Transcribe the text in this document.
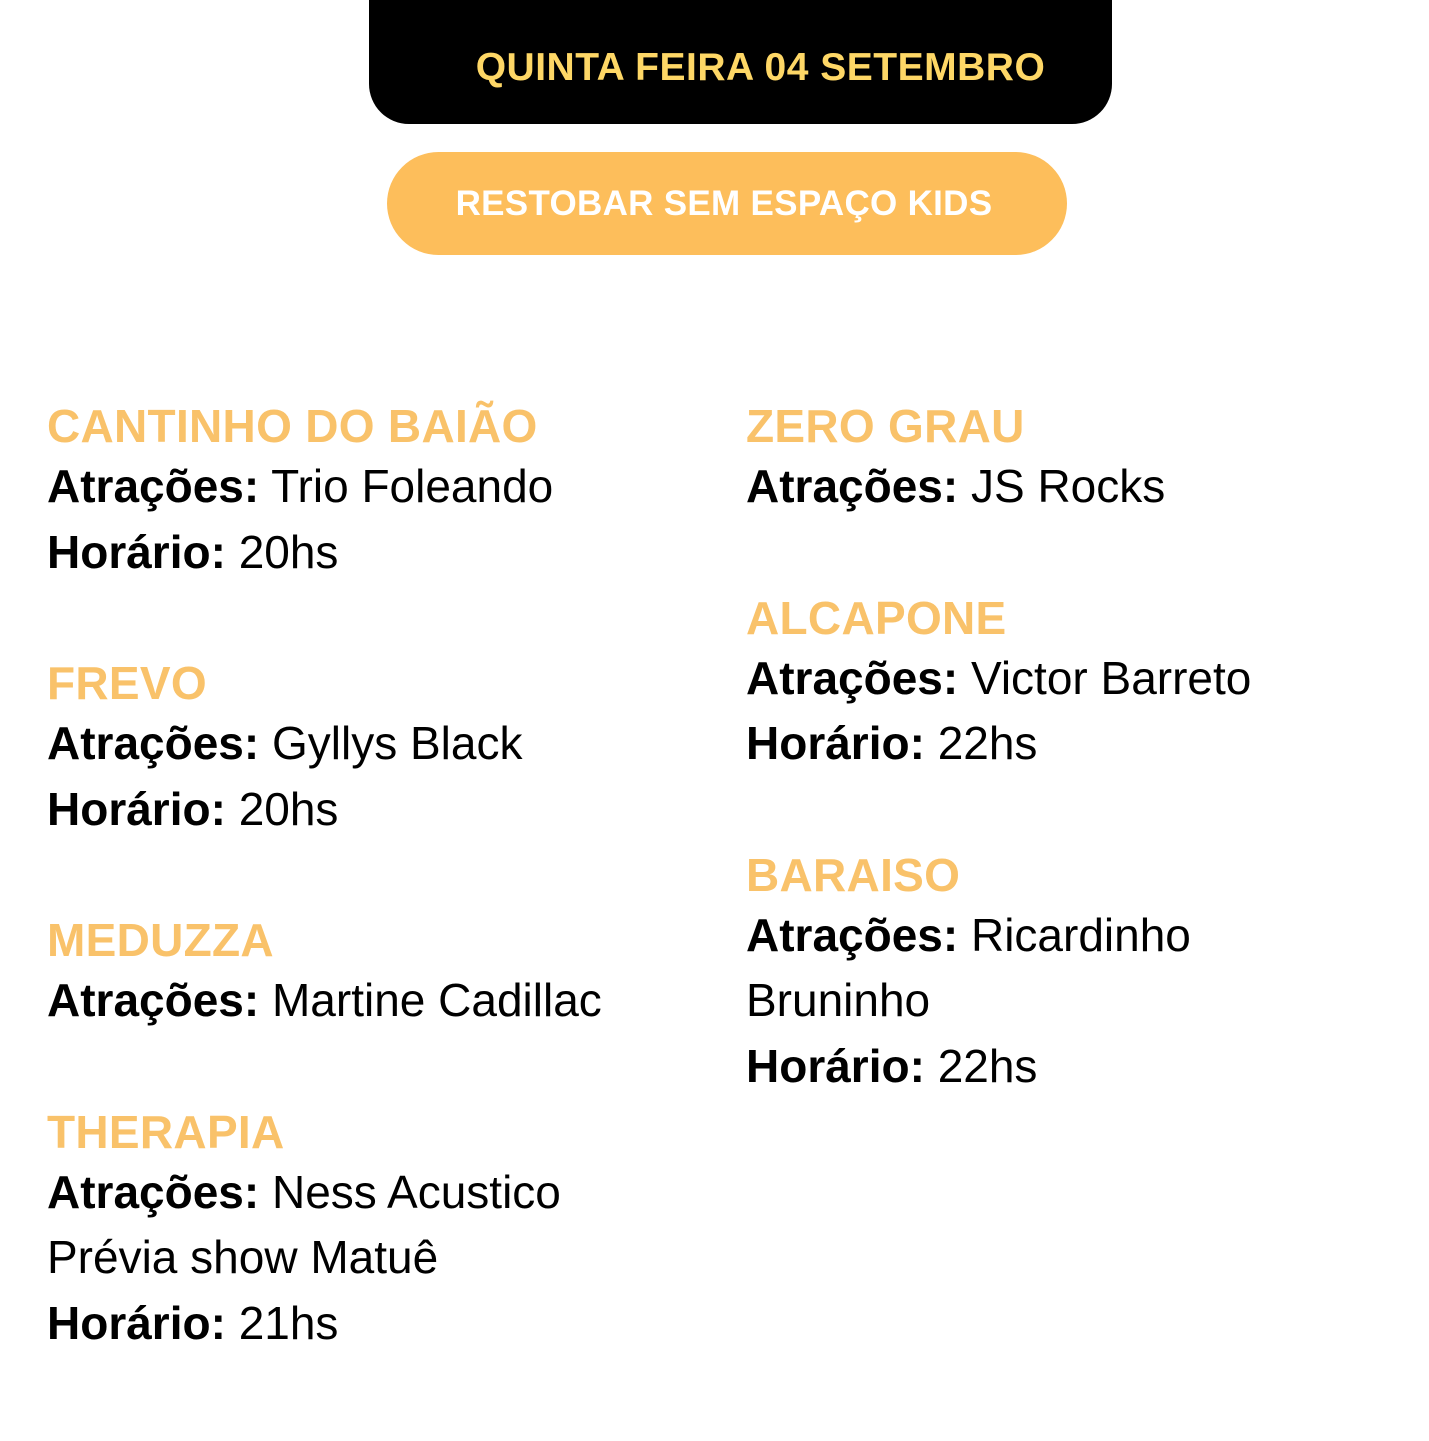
QUINTA FEIRA 04 SETEMBRO
RESTOBAR SEM ESPAÇO KIDS
CANTINHO DO BAIÃO
Atrações: Trio Foleando
Horário: 20hs
FREVO
Atrações: Gyllys Black
Horário: 20hs
MEDUZZA
Atrações: Martine Cadillac
THERAPIA
Atrações: Ness Acustico
Prévia show Matuê
Horário: 21hs
ZERO GRAU
Atrações: JS Rocks
ALCAPONE
Atrações: Victor Barreto
Horário: 22hs
BARAISO
Atrações: Ricardinho
Bruninho
Horário: 22hs
